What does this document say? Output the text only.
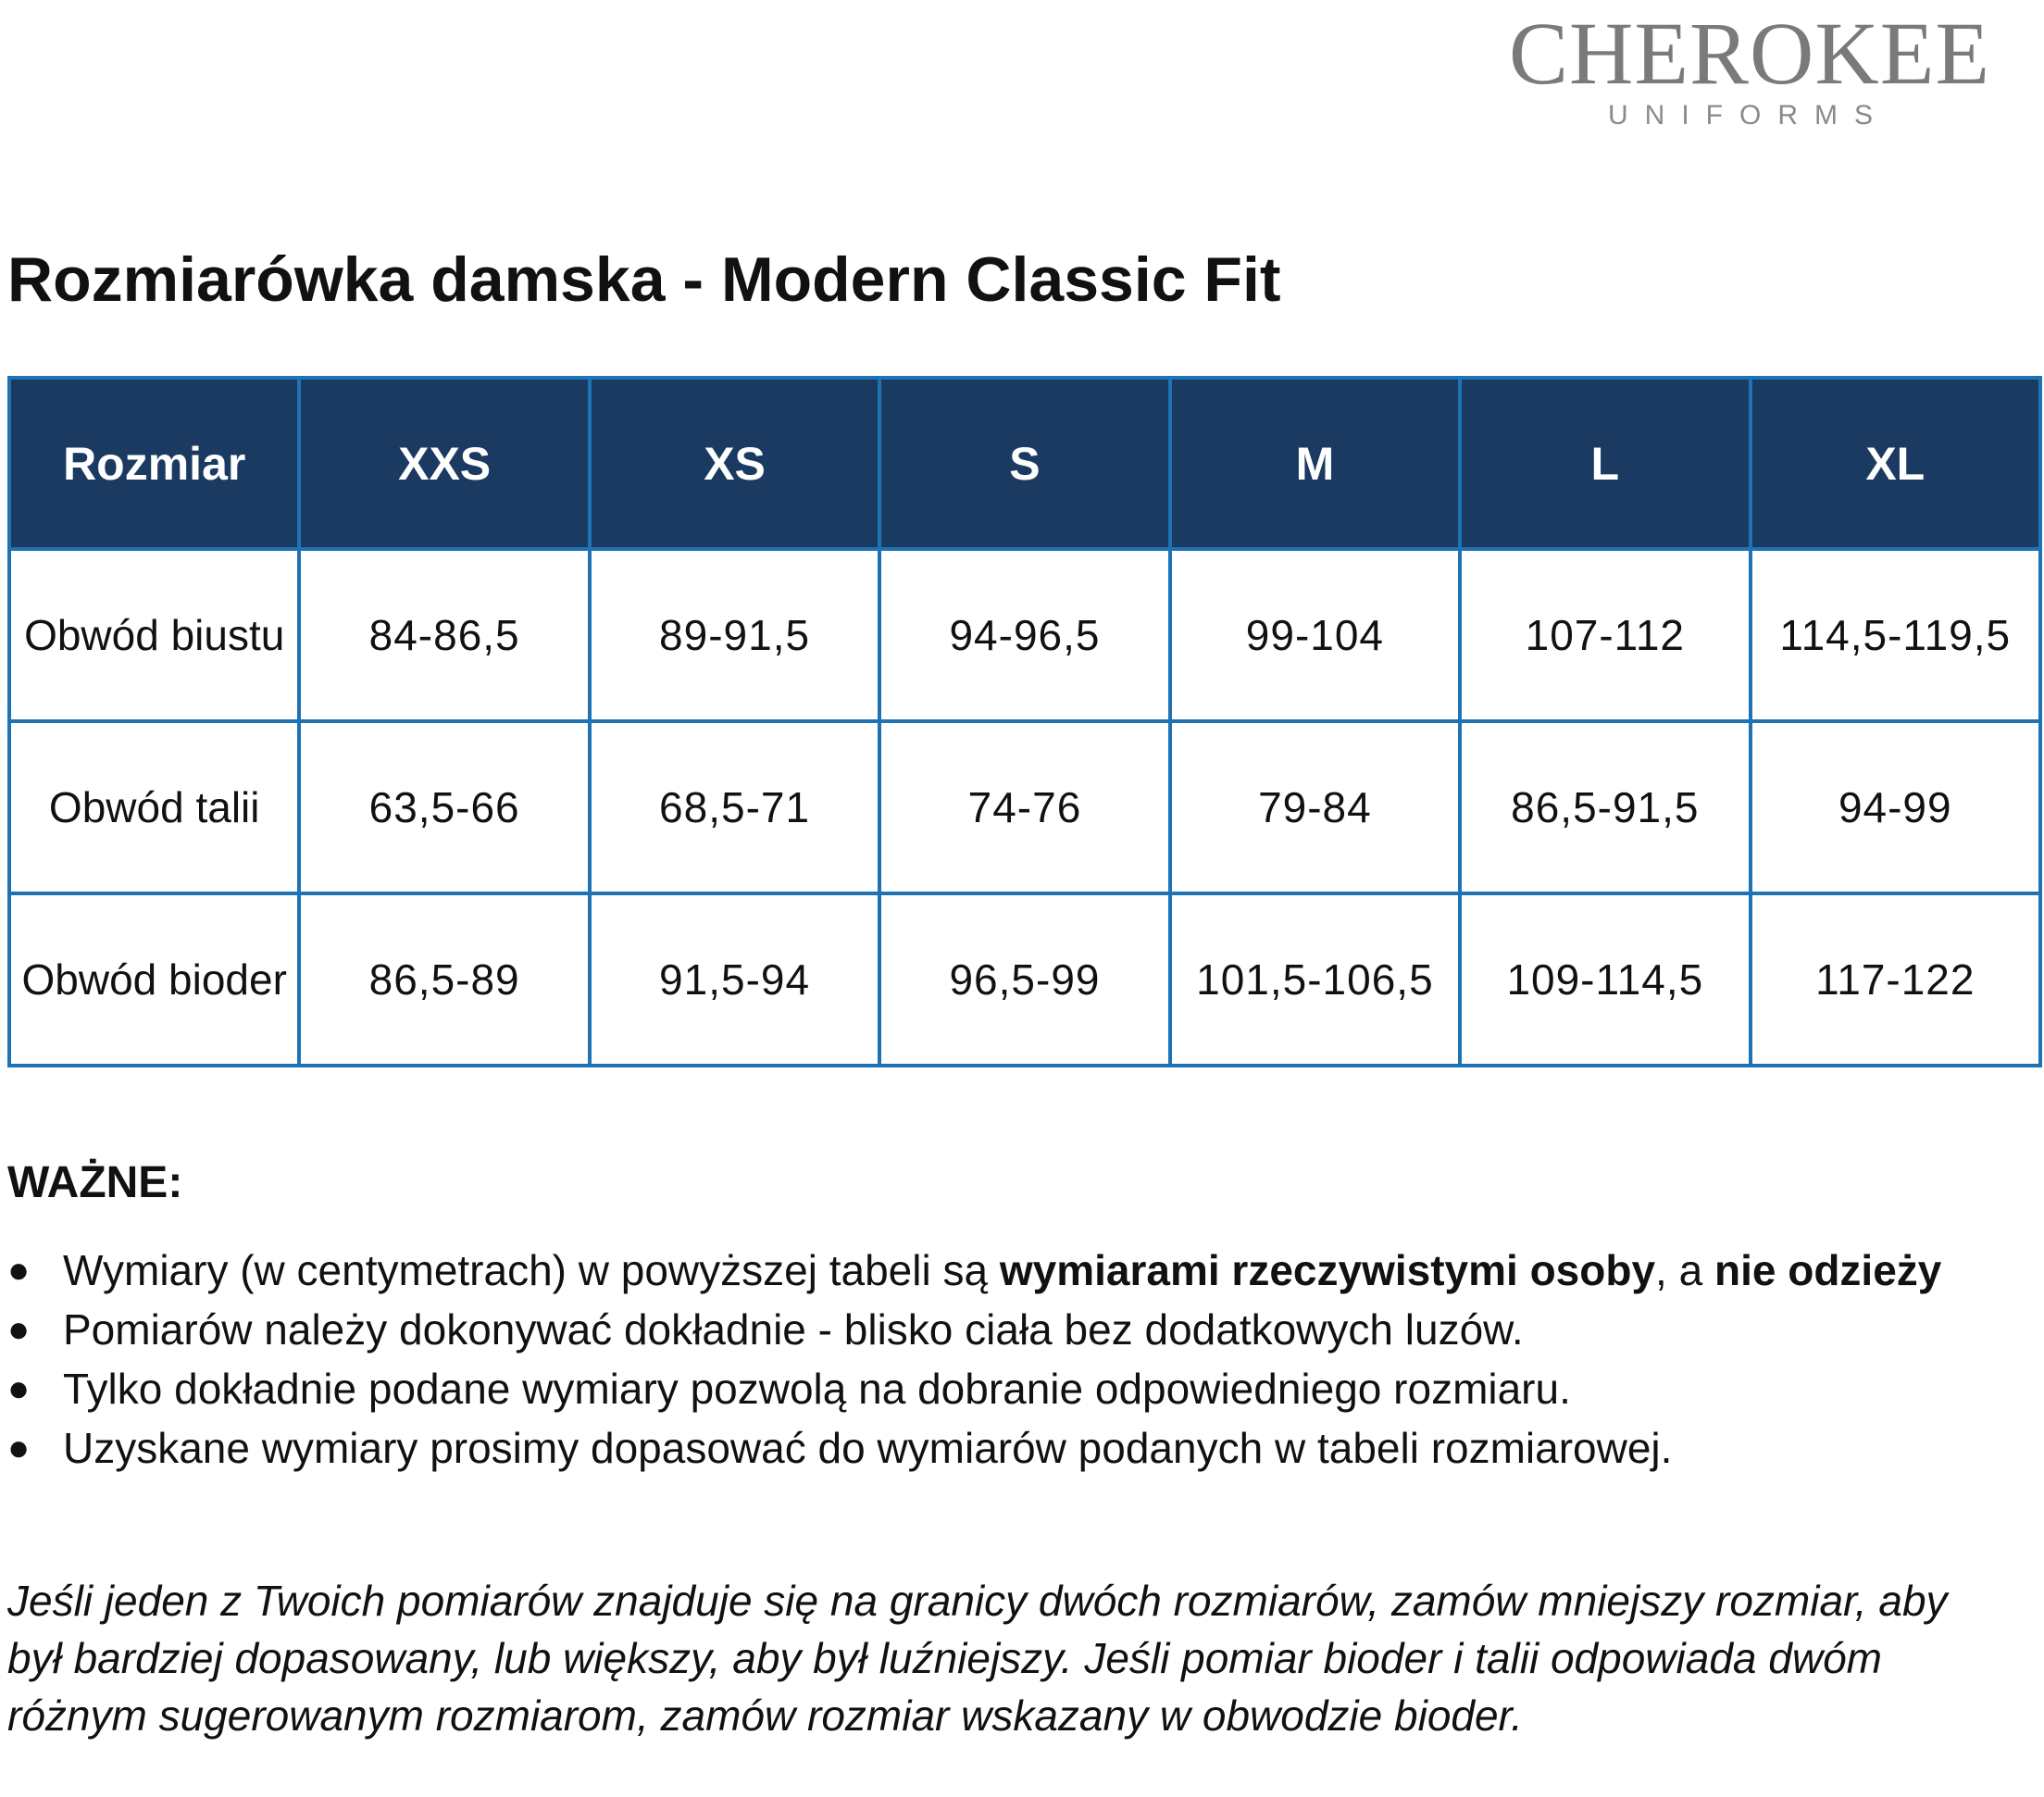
CHEROKEE
UNIFORMS
Rozmiarówka damska - Modern Classic Fit
Rozmiar	XXS	XS	S	M	L	XL
Obwód biustu	84-86,5	89-91,5	94-96,5	99-104	107-112	114,5-119,5
Obwód talii	63,5-66	68,5-71	74-76	79-84	86,5-91,5	94-99
Obwód bioder	86,5-89	91,5-94	96,5-99	101,5-106,5	109-114,5	117-122
WAŻNE:
● Wymiary (w centymetrach) w powyższej tabeli są wymiarami rzeczywistymi osoby, a nie odzieży
● Pomiarów należy dokonywać dokładnie - blisko ciała bez dodatkowych luzów.
● Tylko dokładnie podane wymiary pozwolą na dobranie odpowiedniego rozmiaru.
● Uzyskane wymiary prosimy dopasować do wymiarów podanych w tabeli rozmiarowej.
Jeśli jeden z Twoich pomiarów znajduje się na granicy dwóch rozmiarów, zamów mniejszy rozmiar, aby był bardziej dopasowany, lub większy, aby był luźniejszy. Jeśli pomiar bioder i talii odpowiada dwóm różnym sugerowanym rozmiarom, zamów rozmiar wskazany w obwodzie bioder.
